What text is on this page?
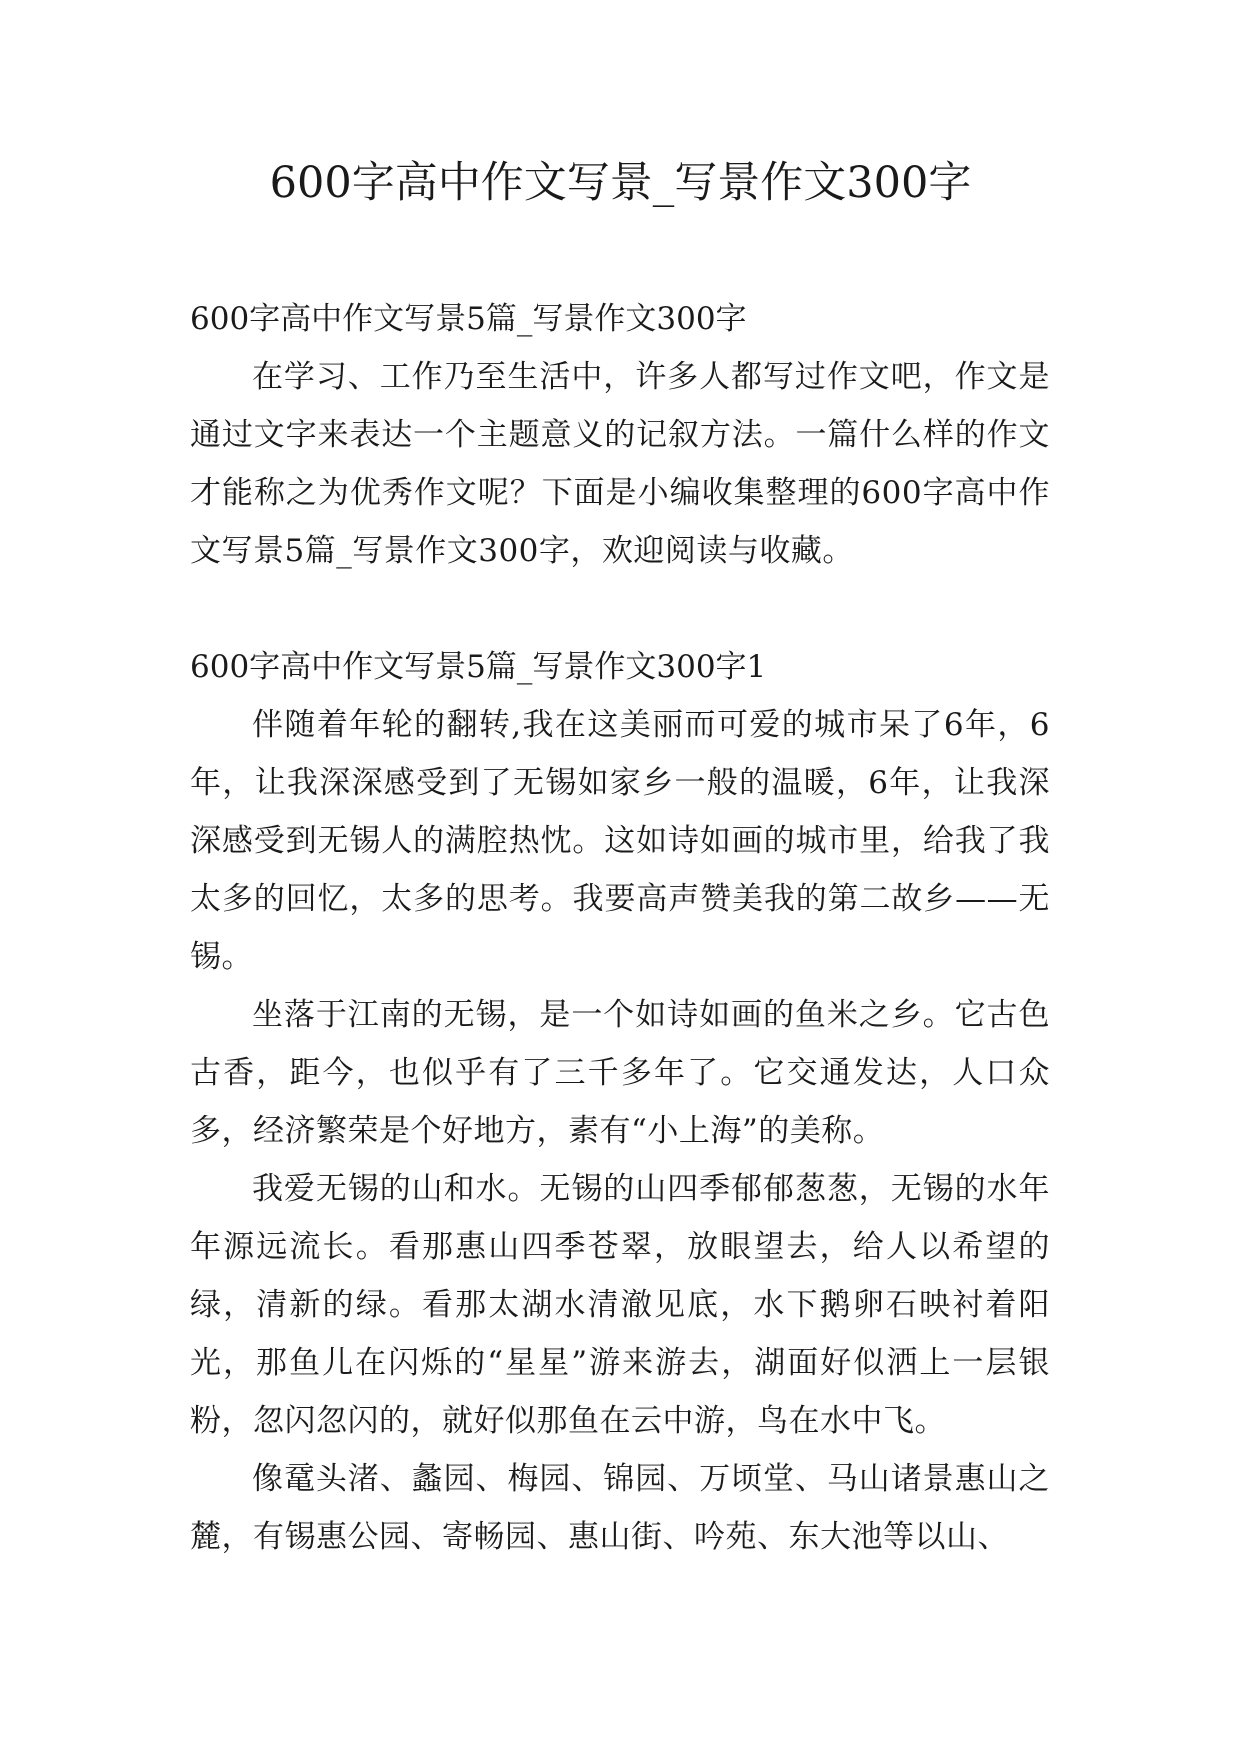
600字高中作文写景_写景作文300字

600字高中作文写景5篇_写景作文300字

在学习、工作乃至生活中，许多人都写过作文吧，作文是通过文字来表达一个主题意义的记叙方法。一篇什么样的作文才能称之为优秀作文呢？下面是小编收集整理的600字高中作文写景5篇_写景作文300字，欢迎阅读与收藏。

600字高中作文写景5篇_写景作文300字1

伴随着年轮的翻转,我在这美丽而可爱的城市呆了6年，6年，让我深深感受到了无锡如家乡一般的温暖，6年，让我深深感受到无锡人的满腔热忱。这如诗如画的城市里，给我了我太多的回忆，太多的思考。我要高声赞美我的第二故乡——无锡。

坐落于江南的无锡，是一个如诗如画的鱼米之乡。它古色古香，距今，也似乎有了三千多年了。它交通发达，人口众多，经济繁荣是个好地方，素有“小上海”的美称。

我爱无锡的山和水。无锡的山四季郁郁葱葱，无锡的水年年源远流长。看那惠山四季苍翠，放眼望去，给人以希望的绿，清新的绿。看那太湖水清澈见底，水下鹅卵石映衬着阳光，那鱼儿在闪烁的“星星”游来游去，湖面好似洒上一层银粉，忽闪忽闪的，就好似那鱼在云中游，鸟在水中飞。

像鼋头渚、蠡园、梅园、锦园、万顷堂、马山诸景惠山之麓，有锡惠公园、寄畅园、惠山街、吟苑、东大池等以山、
